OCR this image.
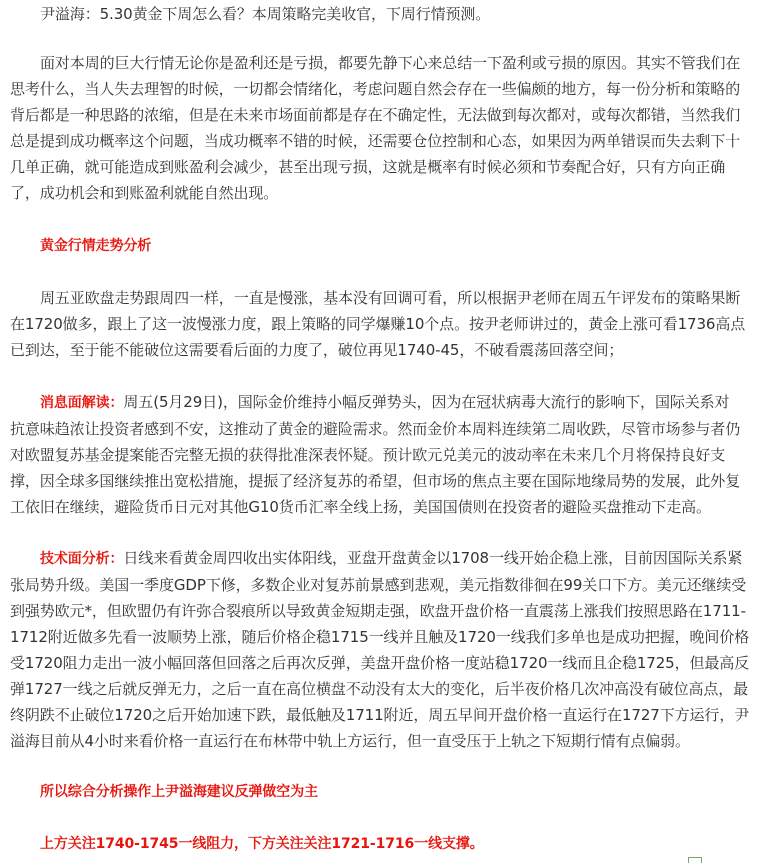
尹溢海：5.30黄金下周怎么看？本周策略完美收官，下周行情预测。

面对本周的巨大行情无论你是盈利还是亏损，都要先静下心来总结一下盈利或亏损的原因。其实不管我们在

思考什么，当人失去理智的时候，一切都会情绪化，考虑问题自然会存在一些偏颇的地方，每一份分析和策略的

背后都是一种思路的浓缩，但是在未来市场面前都是存在不确定性，无法做到每次都对，或每次都错，当然我们

总是提到成功概率这个问题，当成功概率不错的时候，还需要仓位控制和心态，如果因为两单错误而失去剩下十

几单正确，就可能造成到账盈利会减少，甚至出现亏损，这就是概率有时候必须和节奏配合好，只有方向正确

了，成功机会和到账盈利就能自然出现。

黄金行情走势分析

周五亚欧盘走势跟周四一样，一直是慢涨，基本没有回调可看，所以根据尹老师在周五午评发布的策略果断

在1720做多，跟上了这一波慢涨力度，跟上策略的同学爆赚10个点。按尹老师讲过的，黄金上涨可看1736高点

已到达，至于能不能破位这需要看后面的力度了，破位再见1740-45，不破看震荡回落空间；

消息面解读：周五(5月29日)，国际金价维持小幅反弹势头，因为在冠状病毒大流行的影响下，国际关系对

抗意味趋浓让投资者感到不安，这推动了黄金的避险需求。然而金价本周料连续第二周收跌，尽管市场参与者仍

对欧盟复苏基金提案能否完整无损的获得批准深表怀疑。预计欧元兑美元的波动率在未来几个月将保持良好支

撑，因全球多国继续推出宽松措施，提振了经济复苏的希望，但市场的焦点主要在国际地缘局势的发展，此外复

工依旧在继续，避险货币日元对其他G10货币汇率全线上扬，美国国债则在投资者的避险买盘推动下走高。

技术面分析：日线来看黄金周四收出实体阳线，亚盘开盘黄金以1708一线开始企稳上涨，目前因国际关系紧

张局势升级。美国一季度GDP下修，多数企业对复苏前景感到悲观，美元指数徘徊在99关口下方。美元还继续受

到强势欧元*，但欧盟仍有许弥合裂痕所以导致黄金短期走强，欧盘开盘价格一直震荡上涨我们按照思路在1711-

1712附近做多先看一波顺势上涨，随后价格企稳1715一线并且触及1720一线我们多单也是成功把握，晚间价格

受1720阻力走出一波小幅回落但回落之后再次反弹，美盘开盘价格一度站稳1720一线而且企稳1725，但最高反

弹1727一线之后就反弹无力，之后一直在高位横盘不动没有太大的变化，后半夜价格几次冲高没有破位高点，最

终阴跌不止破位1720之后开始加速下跌，最低触及1711附近，周五早间开盘价格一直运行在1727下方运行，尹

溢海目前从4小时来看价格一直运行在布林带中轨上方运行，但一直受压于上轨之下短期行情有点偏弱。

所以综合分析操作上尹溢海建议反弹做空为主

上方关注1740-1745一线阻力，下方关注关注1721-1716一线支撑。
